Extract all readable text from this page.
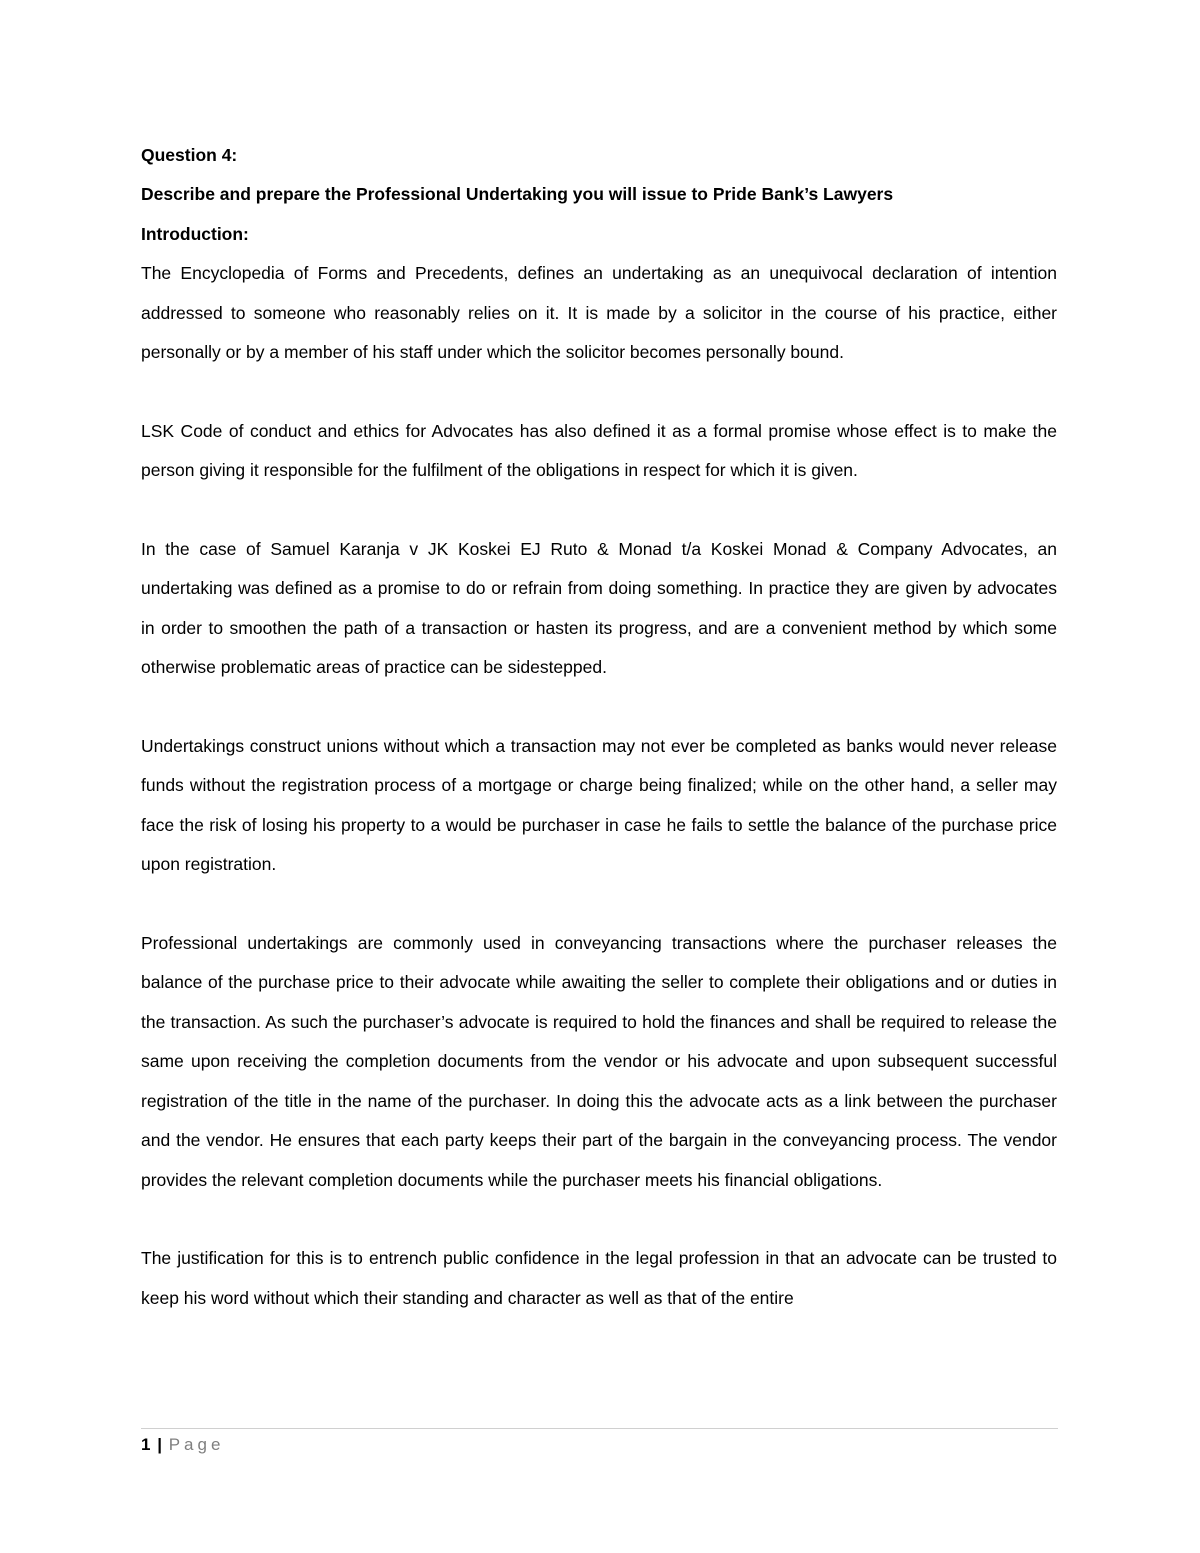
Question 4:

Describe and prepare the Professional Undertaking you will issue to Pride Bank’s Lawyers

Introduction:

The Encyclopedia of Forms and Precedents, defines an undertaking as an unequivocal declaration of intention addressed to someone who reasonably relies on it. It is made by a solicitor in the course of his practice, either personally or by a member of his staff under which the solicitor becomes personally bound.

LSK Code of conduct and ethics for Advocates has also defined it as a formal promise whose effect is to make the person giving it responsible for the fulfilment of the obligations in respect for which it is given.

In the case of Samuel Karanja v JK Koskei EJ Ruto & Monad t/a Koskei Monad & Company Advocates, an undertaking was defined as a promise to do or refrain from doing something. In practice they are given by advocates in order to smoothen the path of a transaction or hasten its progress, and are a convenient method by which some otherwise problematic areas of practice can be sidestepped.

Undertakings construct unions without which a transaction may not ever be completed as banks would never release funds without the registration process of a mortgage or charge being finalized; while on the other hand, a seller may face the risk of losing his property to a would be purchaser in case he fails to settle the balance of the purchase price upon registration.

Professional undertakings are commonly used in conveyancing transactions where the purchaser releases the balance of the purchase price to their advocate while awaiting the seller to complete their obligations and or duties in the transaction. As such the purchaser’s advocate is required to hold the finances and shall be required to release the same upon receiving the completion documents from the vendor or his advocate and upon subsequent successful registration of the title in the name of the purchaser. In doing this the advocate acts as a link between the purchaser and the vendor. He ensures that each party keeps their part of the bargain in the conveyancing process. The vendor provides the relevant completion documents while the purchaser meets his financial obligations.

The justification for this is to entrench public confidence in the legal profession in that an advocate can be trusted to keep his word without which their standing and character as well as that of the entire

1 | Page
